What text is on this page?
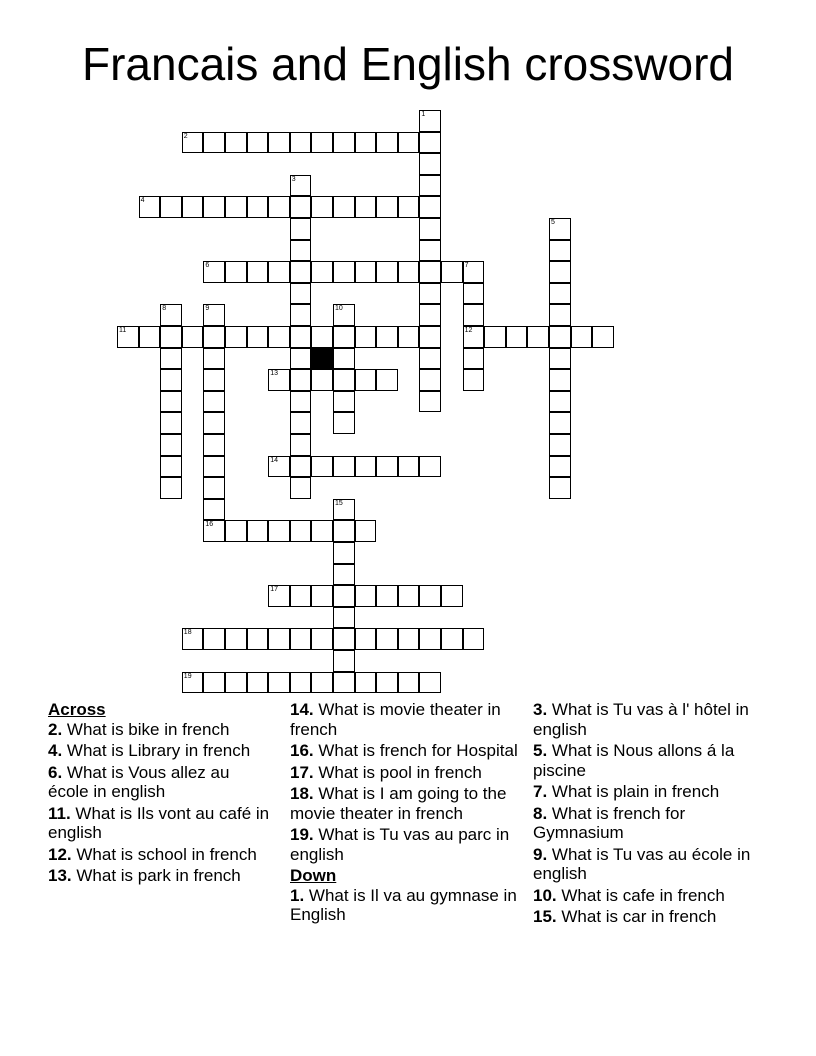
Francais and English crossword
1
2
3
4
5
6	7
12
8	9	10
11
13
14
15
16
17
18
19
Across
2. What is bike in french
4. What is Library in french
6. What is Vous allez au école in english
11. What is Ils vont au café in english
12. What is school in french
13. What is park in french
14. What is movie theater in french
16. What is french for Hospital
17. What is pool in french
18. What is I am going to the movie theater in french
19. What is Tu vas au parc in english
Down
1. What is Il va au gymnase in English
3. What is Tu vas à l' hôtel in english
5. What is Nous allons á la piscine
7. What is plain in french
8. What is french for Gymnasium
9. What is Tu vas au école in english
10. What is cafe in french
15. What is car in french
